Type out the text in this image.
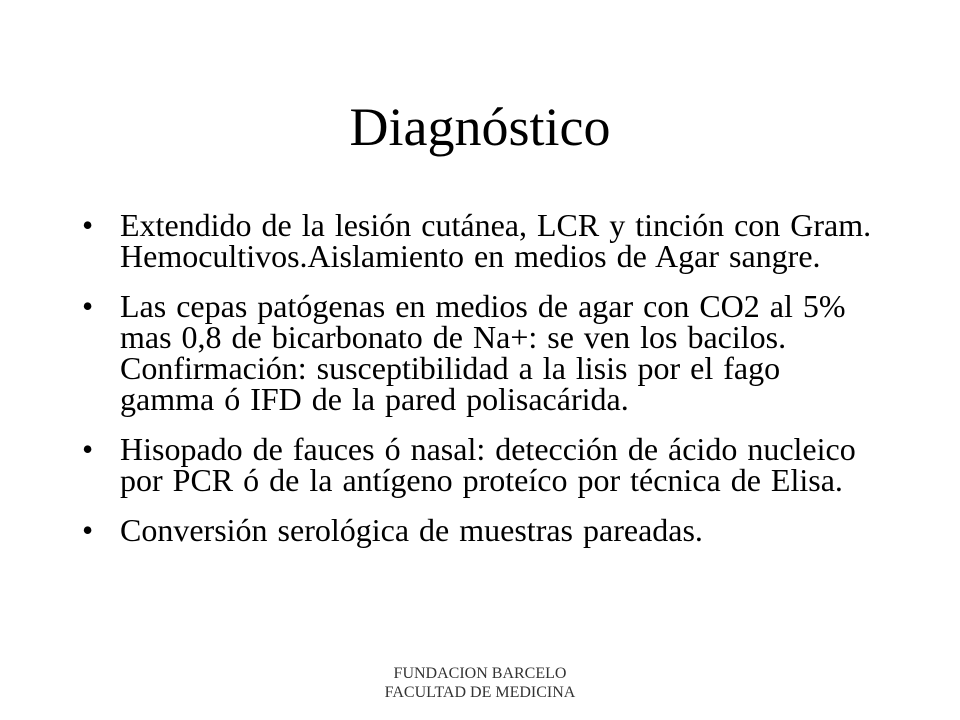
Diagnóstico
• Extendido de la lesión cutánea, LCR y tinción con Gram. Hemocultivos.Aislamiento en medios de Agar sangre.
• Las cepas patógenas en medios de agar con CO2 al 5% mas 0,8 de bicarbonato de Na+: se ven los bacilos. Confirmación: susceptibilidad a la lisis por el fago gamma ó IFD de la pared polisacárida.
• Hisopado de fauces ó nasal: detección de ácido nucleico por PCR ó de la antígeno proteíco por técnica de Elisa.
• Conversión serológica de muestras pareadas.
FUNDACION BARCELO
FACULTAD DE MEDICINA
